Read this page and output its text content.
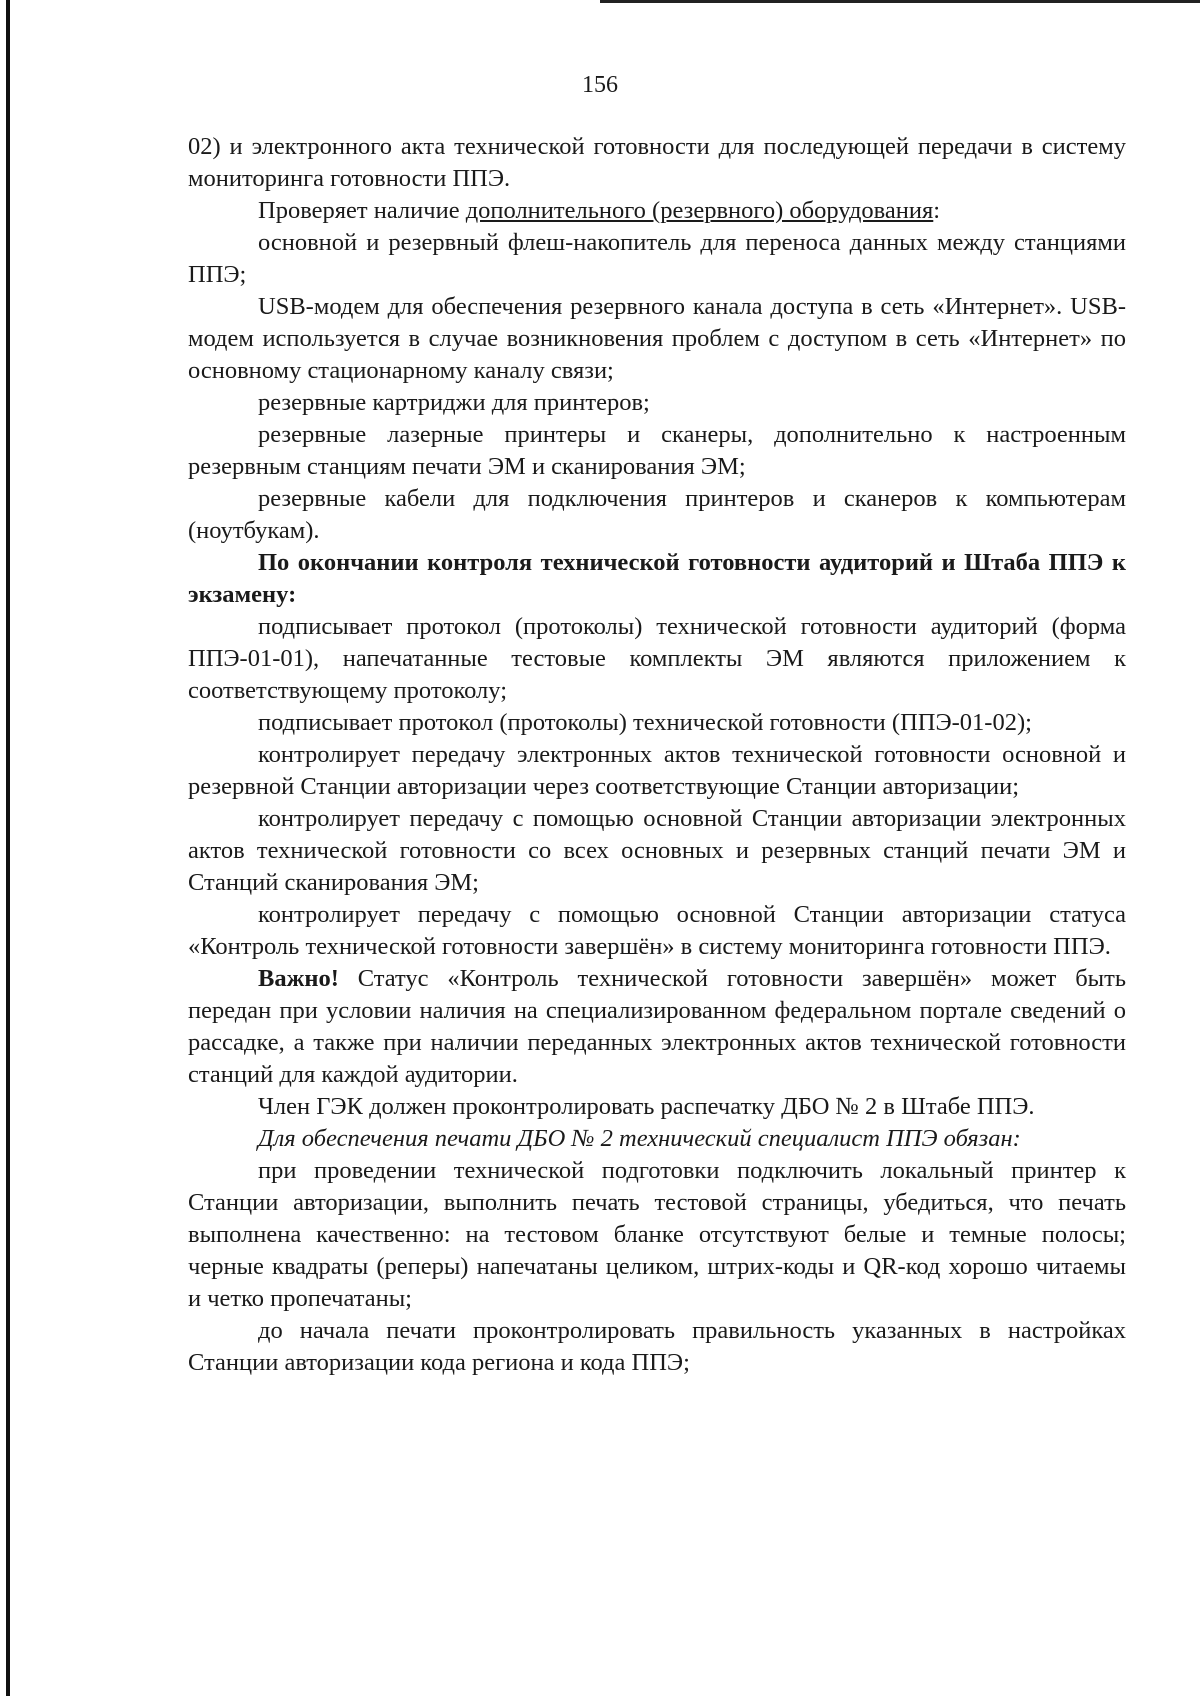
156

02) и электронного акта технической готовности для последующей передачи в систему мониторинга готовности ППЭ.

Проверяет наличие дополнительного (резервного) оборудования:

основной и резервный флеш-накопитель для переноса данных между станциями ППЭ;

USB-модем для обеспечения резервного канала доступа в сеть «Интернет». USB-модем используется в случае возникновения проблем с доступом в сеть «Интернет» по основному стационарному каналу связи;

резервные картриджи для принтеров;

резервные лазерные принтеры и сканеры, дополнительно к настроенным резервным станциям печати ЭМ и сканирования ЭМ;

резервные кабели для подключения принтеров и сканеров к компьютерам (ноутбукам).

По окончании контроля технической готовности аудиторий и Штаба ППЭ к экзамену:

подписывает протокол (протоколы) технической готовности аудиторий (форма ППЭ-01-01), напечатанные тестовые комплекты ЭМ являются приложением к соответствующему протоколу;

подписывает протокол (протоколы) технической готовности (ППЭ-01-02);

контролирует передачу электронных актов технической готовности основной и резервной Станции авторизации через соответствующие Станции авторизации;

контролирует передачу с помощью основной Станции авторизации электронных актов технической готовности со всех основных и резервных станций печати ЭМ и Станций сканирования ЭМ;

контролирует передачу с помощью основной Станции авторизации статуса «Контроль технической готовности завершён» в систему мониторинга готовности ППЭ.

Важно! Статус «Контроль технической готовности завершён» может быть передан при условии наличия на специализированном федеральном портале сведений о рассадке, а также при наличии переданных электронных актов технической готовности станций для каждой аудитории.

Член ГЭК должен проконтролировать распечатку ДБО № 2 в Штабе ППЭ.

Для обеспечения печати ДБО № 2 технический специалист ППЭ обязан:

при проведении технической подготовки подключить локальный принтер к Станции авторизации, выполнить печать тестовой страницы, убедиться, что печать выполнена качественно: на тестовом бланке отсутствуют белые и темные полосы; черные квадраты (реперы) напечатаны целиком, штрих-коды и QR-код хорошо читаемы и четко пропечатаны;

до начала печати проконтролировать правильность указанных в настройках Станции авторизации кода региона и кода ППЭ;
